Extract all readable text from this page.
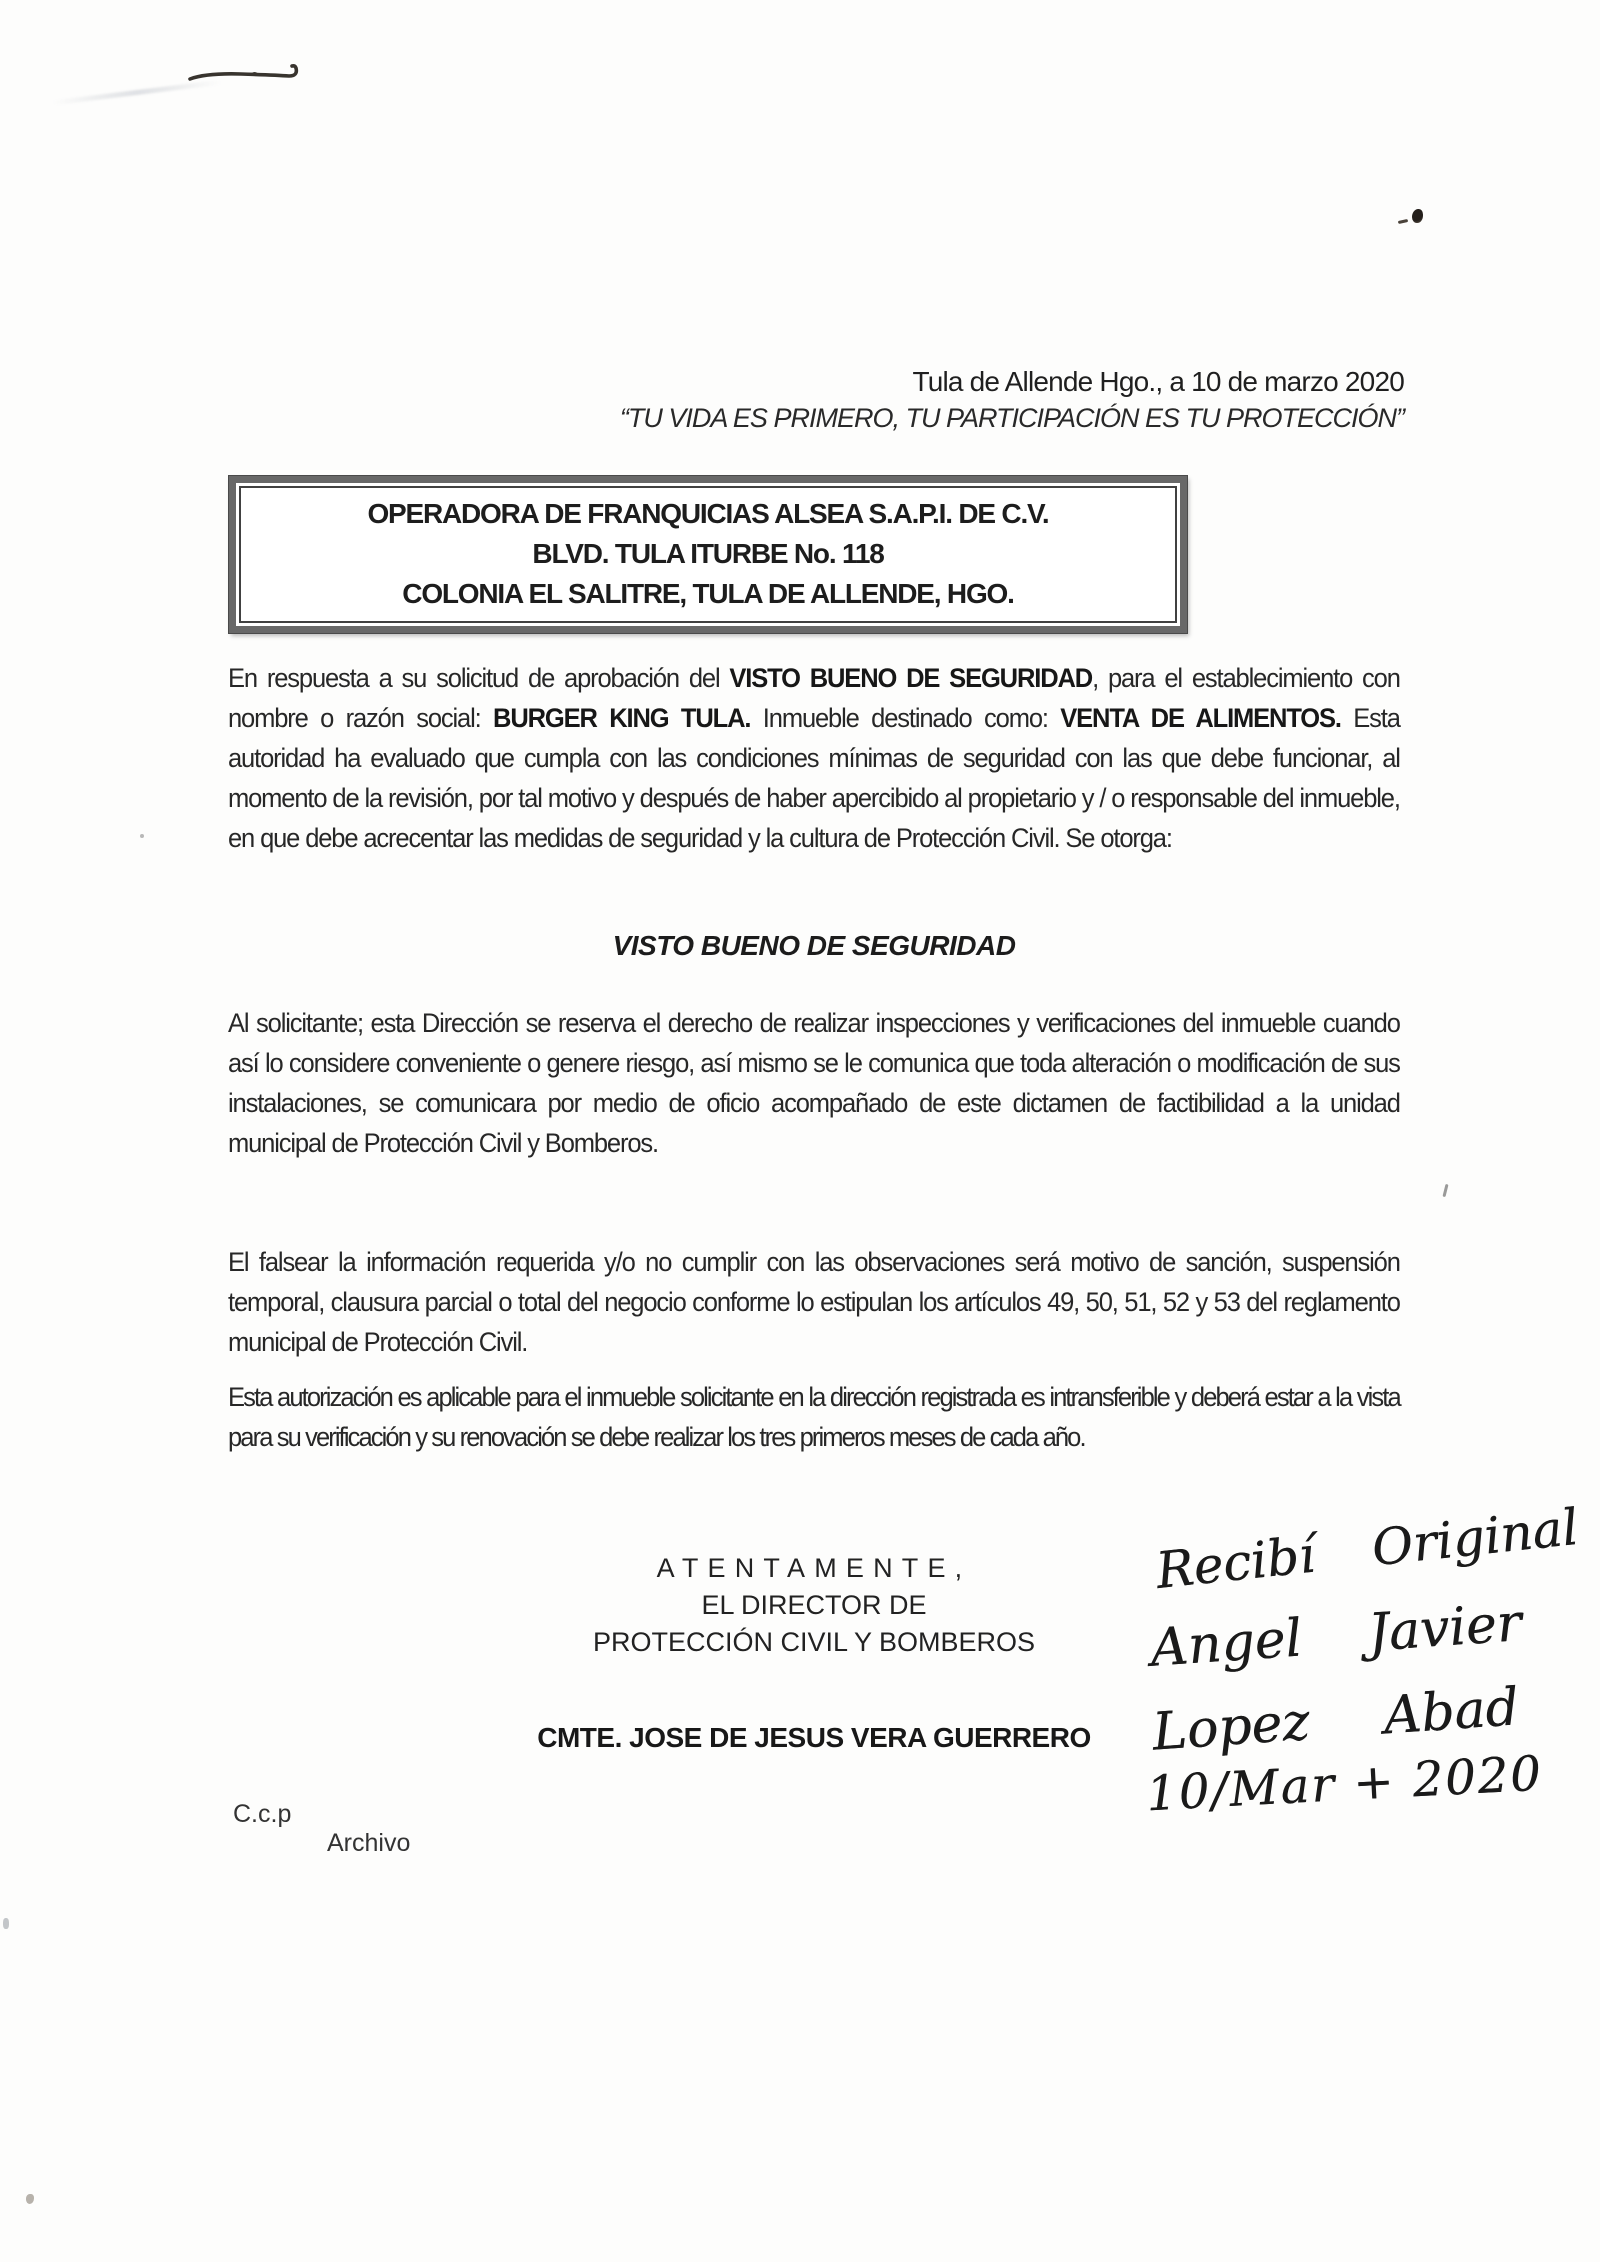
Tula de Allende Hgo., a 10 de marzo 2020
“TU VIDA ES PRIMERO, TU PARTICIPACIÓN ES TU PROTECCIÓN”
OPERADORA DE FRANQUICIAS ALSEA S.A.P.I. DE C.V.
BLVD. TULA ITURBE No. 118
COLONIA EL SALITRE, TULA DE ALLENDE, HGO.

En respuesta a su solicitud de aprobación del VISTO BUENO DE SEGURIDAD, para el establecimiento con nombre o razón social: BURGER KING TULA. Inmueble destinado como: VENTA DE ALIMENTOS. Esta autoridad ha evaluado que cumpla con las condiciones mínimas de seguridad con las que debe funcionar, al momento de la revisión, por tal motivo y después de haber apercibido al propietario y / o responsable del inmueble, en que debe acrecentar las medidas de seguridad y la cultura de Protección Civil. Se otorga:

VISTO BUENO DE SEGURIDAD

Al solicitante; esta Dirección se reserva el derecho de realizar inspecciones y verificaciones del inmueble cuando así lo considere conveniente o genere riesgo, así mismo se le comunica que toda alteración o modificación de sus instalaciones, se comunicara por medio de oficio acompañado de este dictamen de factibilidad a la unidad municipal de Protección Civil y Bomberos.

El falsear la información requerida y/o no cumplir con las observaciones será motivo de sanción, suspensión temporal, clausura parcial o total del negocio conforme lo estipulan los artículos 49, 50, 51, 52 y 53 del reglamento municipal de Protección Civil.

Esta autorización es aplicable para el inmueble solicitante en la dirección registrada es intransferible y deberá estar a la vista para su verificación y su renovación se debe realizar los tres primeros meses de cada año.

ATENTAMENTE,
EL DIRECTOR DE
PROTECCIÓN CIVIL Y BOMBEROS
CMTE. JOSE DE JESUS VERA GUERRERO
Recibí Original
Angel Javier
Lopez Abad
10/Mar + 2020
C.c.p
Archivo
